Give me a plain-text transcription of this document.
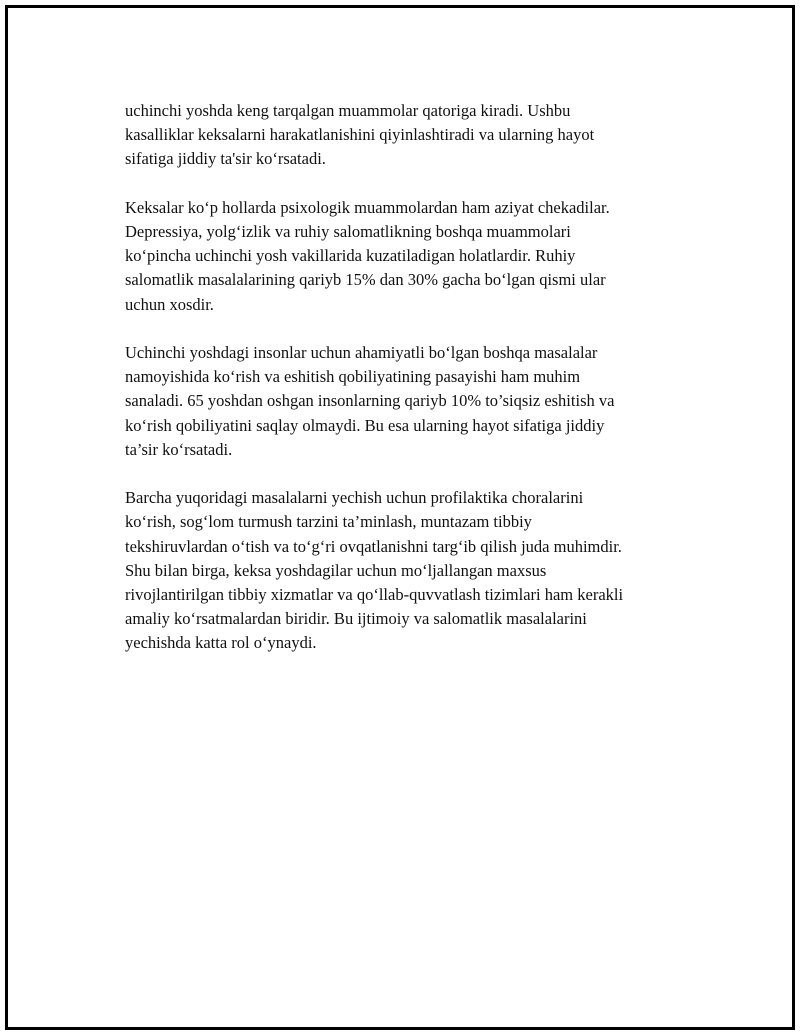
uchinchi yoshda keng tarqalgan muammolar qatoriga kiradi. Ushbu
kasalliklar keksalarni harakatlanishini qiyinlashtiradi va ularning hayot
sifatiga jiddiy ta'sir ko‘rsatadi.

Keksalar ko‘p hollarda psixologik muammolardan ham aziyat chekadilar.
Depressiya, yolg‘izlik va ruhiy salomatlikning boshqa muammolari
ko‘pincha uchinchi yosh vakillarida kuzatiladigan holatlardir. Ruhiy
salomatlik masalalarining qariyb 15% dan 30% gacha bo‘lgan qismi ular
uchun xosdir.

Uchinchi yoshdagi insonlar uchun ahamiyatli bo‘lgan boshqa masalalar
namoyishida ko‘rish va eshitish qobiliyatining pasayishi ham muhim
sanaladi. 65 yoshdan oshgan insonlarning qariyb 10% to’siqsiz eshitish va
ko‘rish qobiliyatini saqlay olmaydi. Bu esa ularning hayot sifatiga jiddiy
ta’sir ko‘rsatadi.

Barcha yuqoridagi masalalarni yechish uchun profilaktika choralarini
ko‘rish, sog‘lom turmush tarzini ta’minlash, muntazam tibbiy
tekshiruvlardan o‘tish va to‘g‘ri ovqatlanishni targ‘ib qilish juda muhimdir.
Shu bilan birga, keksa yoshdagilar uchun mo‘ljallangan maxsus
rivojlantirilgan tibbiy xizmatlar va qo‘llab-quvvatlash tizimlari ham kerakli
amaliy ko‘rsatmalardan biridir. Bu ijtimoiy va salomatlik masalalarini
yechishda katta rol o‘ynaydi.
